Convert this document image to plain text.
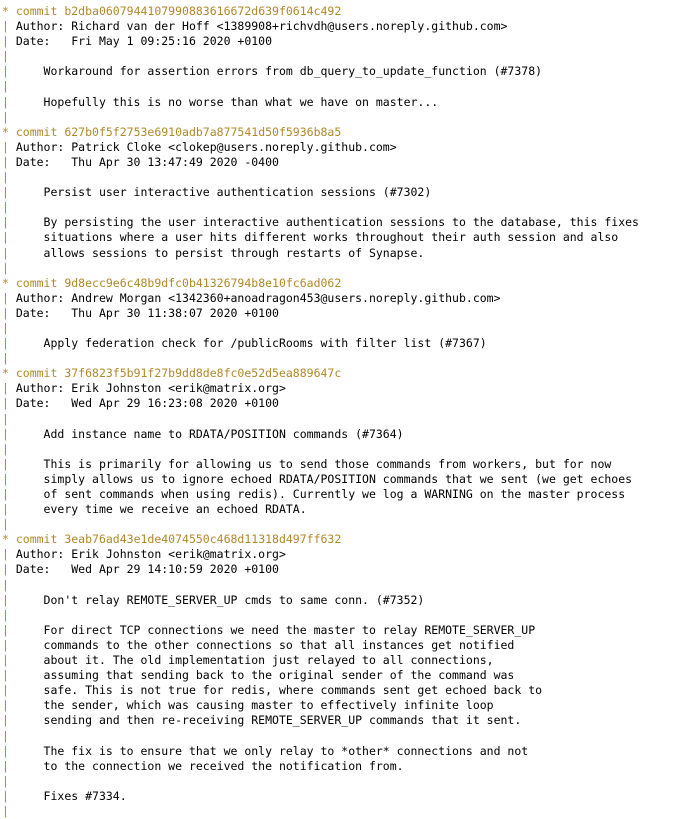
* commit b2dba0607944107990883616672d639f0614c492
| Author: Richard van der Hoff <1389908+richvdh@users.noreply.github.com>
| Date:   Fri May 1 09:25:16 2020 +0100
|
|     Workaround for assertion errors from db_query_to_update_function (#7378)
|
|     Hopefully this is no worse than what we have on master...
|
* commit 627b0f5f2753e6910adb7a877541d50f5936b8a5
| Author: Patrick Cloke <clokep@users.noreply.github.com>
| Date:   Thu Apr 30 13:47:49 2020 -0400
|
|     Persist user interactive authentication sessions (#7302)
|
|     By persisting the user interactive authentication sessions to the database, this fixes
|     situations where a user hits different works throughout their auth session and also
|     allows sessions to persist through restarts of Synapse.
|
* commit 9d8ecc9e6c48b9dfc0b41326794b8e10fc6ad062
| Author: Andrew Morgan <1342360+anoadragon453@users.noreply.github.com>
| Date:   Thu Apr 30 11:38:07 2020 +0100
|
|     Apply federation check for /publicRooms with filter list (#7367)
|
* commit 37f6823f5b91f27b9dd8de8fc0e52d5ea889647c
| Author: Erik Johnston <erik@matrix.org>
| Date:   Wed Apr 29 16:23:08 2020 +0100
|
|     Add instance name to RDATA/POSITION commands (#7364)
|
|     This is primarily for allowing us to send those commands from workers, but for now
|     simply allows us to ignore echoed RDATA/POSITION commands that we sent (we get echoes
|     of sent commands when using redis). Currently we log a WARNING on the master process
|     every time we receive an echoed RDATA.
|
* commit 3eab76ad43e1de4074550c468d11318d497ff632
| Author: Erik Johnston <erik@matrix.org>
| Date:   Wed Apr 29 14:10:59 2020 +0100
|
|     Don't relay REMOTE_SERVER_UP cmds to same conn. (#7352)
|
|     For direct TCP connections we need the master to relay REMOTE_SERVER_UP
|     commands to the other connections so that all instances get notified
|     about it. The old implementation just relayed to all connections,
|     assuming that sending back to the original sender of the command was
|     safe. This is not true for redis, where commands sent get echoed back to
|     the sender, which was causing master to effectively infinite loop
|     sending and then re-receiving REMOTE_SERVER_UP commands that it sent.
|
|     The fix is to ensure that we only relay to *other* connections and not
|     to the connection we received the notification from.
|
|     Fixes #7334.
|
